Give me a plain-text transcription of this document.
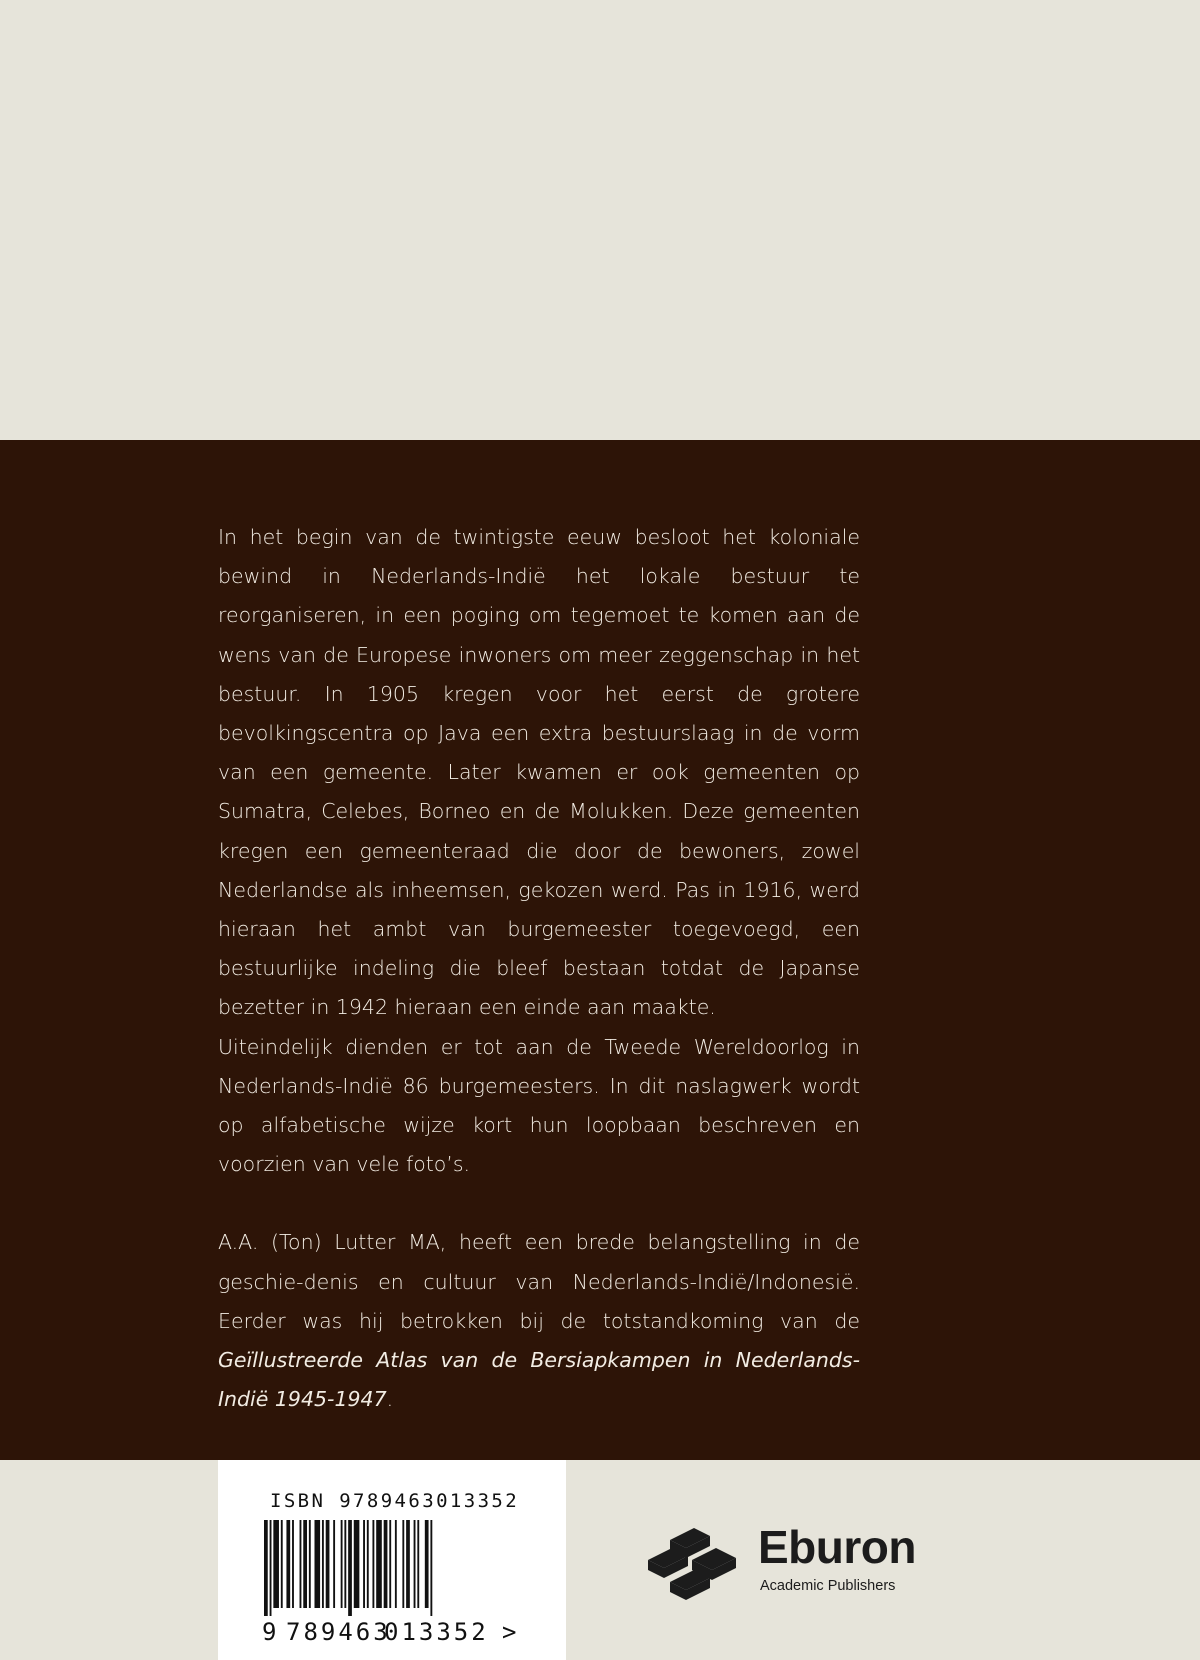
In het begin van de twintigste eeuw besloot het koloniale bewind in Nederlands-Indië het lokale bestuur te reorganiseren, in een poging om tegemoet te komen aan de wens van de Europese inwoners om meer zeggenschap in het bestuur. In 1905 kregen voor het eerst de grotere bevolkingscentra op Java een extra bestuurslaag in de vorm van een gemeente. Later kwamen er ook gemeenten op Sumatra, Celebes, Borneo en de Molukken. Deze gemeenten kregen een gemeenteraad die door de bewoners, zowel Nederlandse als inheemsen, gekozen werd. Pas in 1916, werd hieraan het ambt van burgemeester toegevoegd, een bestuurlijke indeling die bleef bestaan totdat de Japanse bezetter in 1942 hieraan een einde aan maakte.

Uiteindelijk dienden er tot aan de Tweede Wereldoorlog in Nederlands-Indië 86 burgemeesters. In dit naslagwerk wordt op alfabetische wijze kort hun loopbaan beschreven en voorzien van vele foto’s.

A.A. (Ton) Lutter MA, heeft een brede belangstelling in de geschie-denis en cultuur van Nederlands-Indië/Indonesië. Eerder was hij betrokken bij de totstandkoming van de Geïllustreerde Atlas van de Bersiapkampen in Nederlands-Indië 1945-1947.

ISBN 9789463013352
9 789463
013352 >
Eburon
Academic Publishers
